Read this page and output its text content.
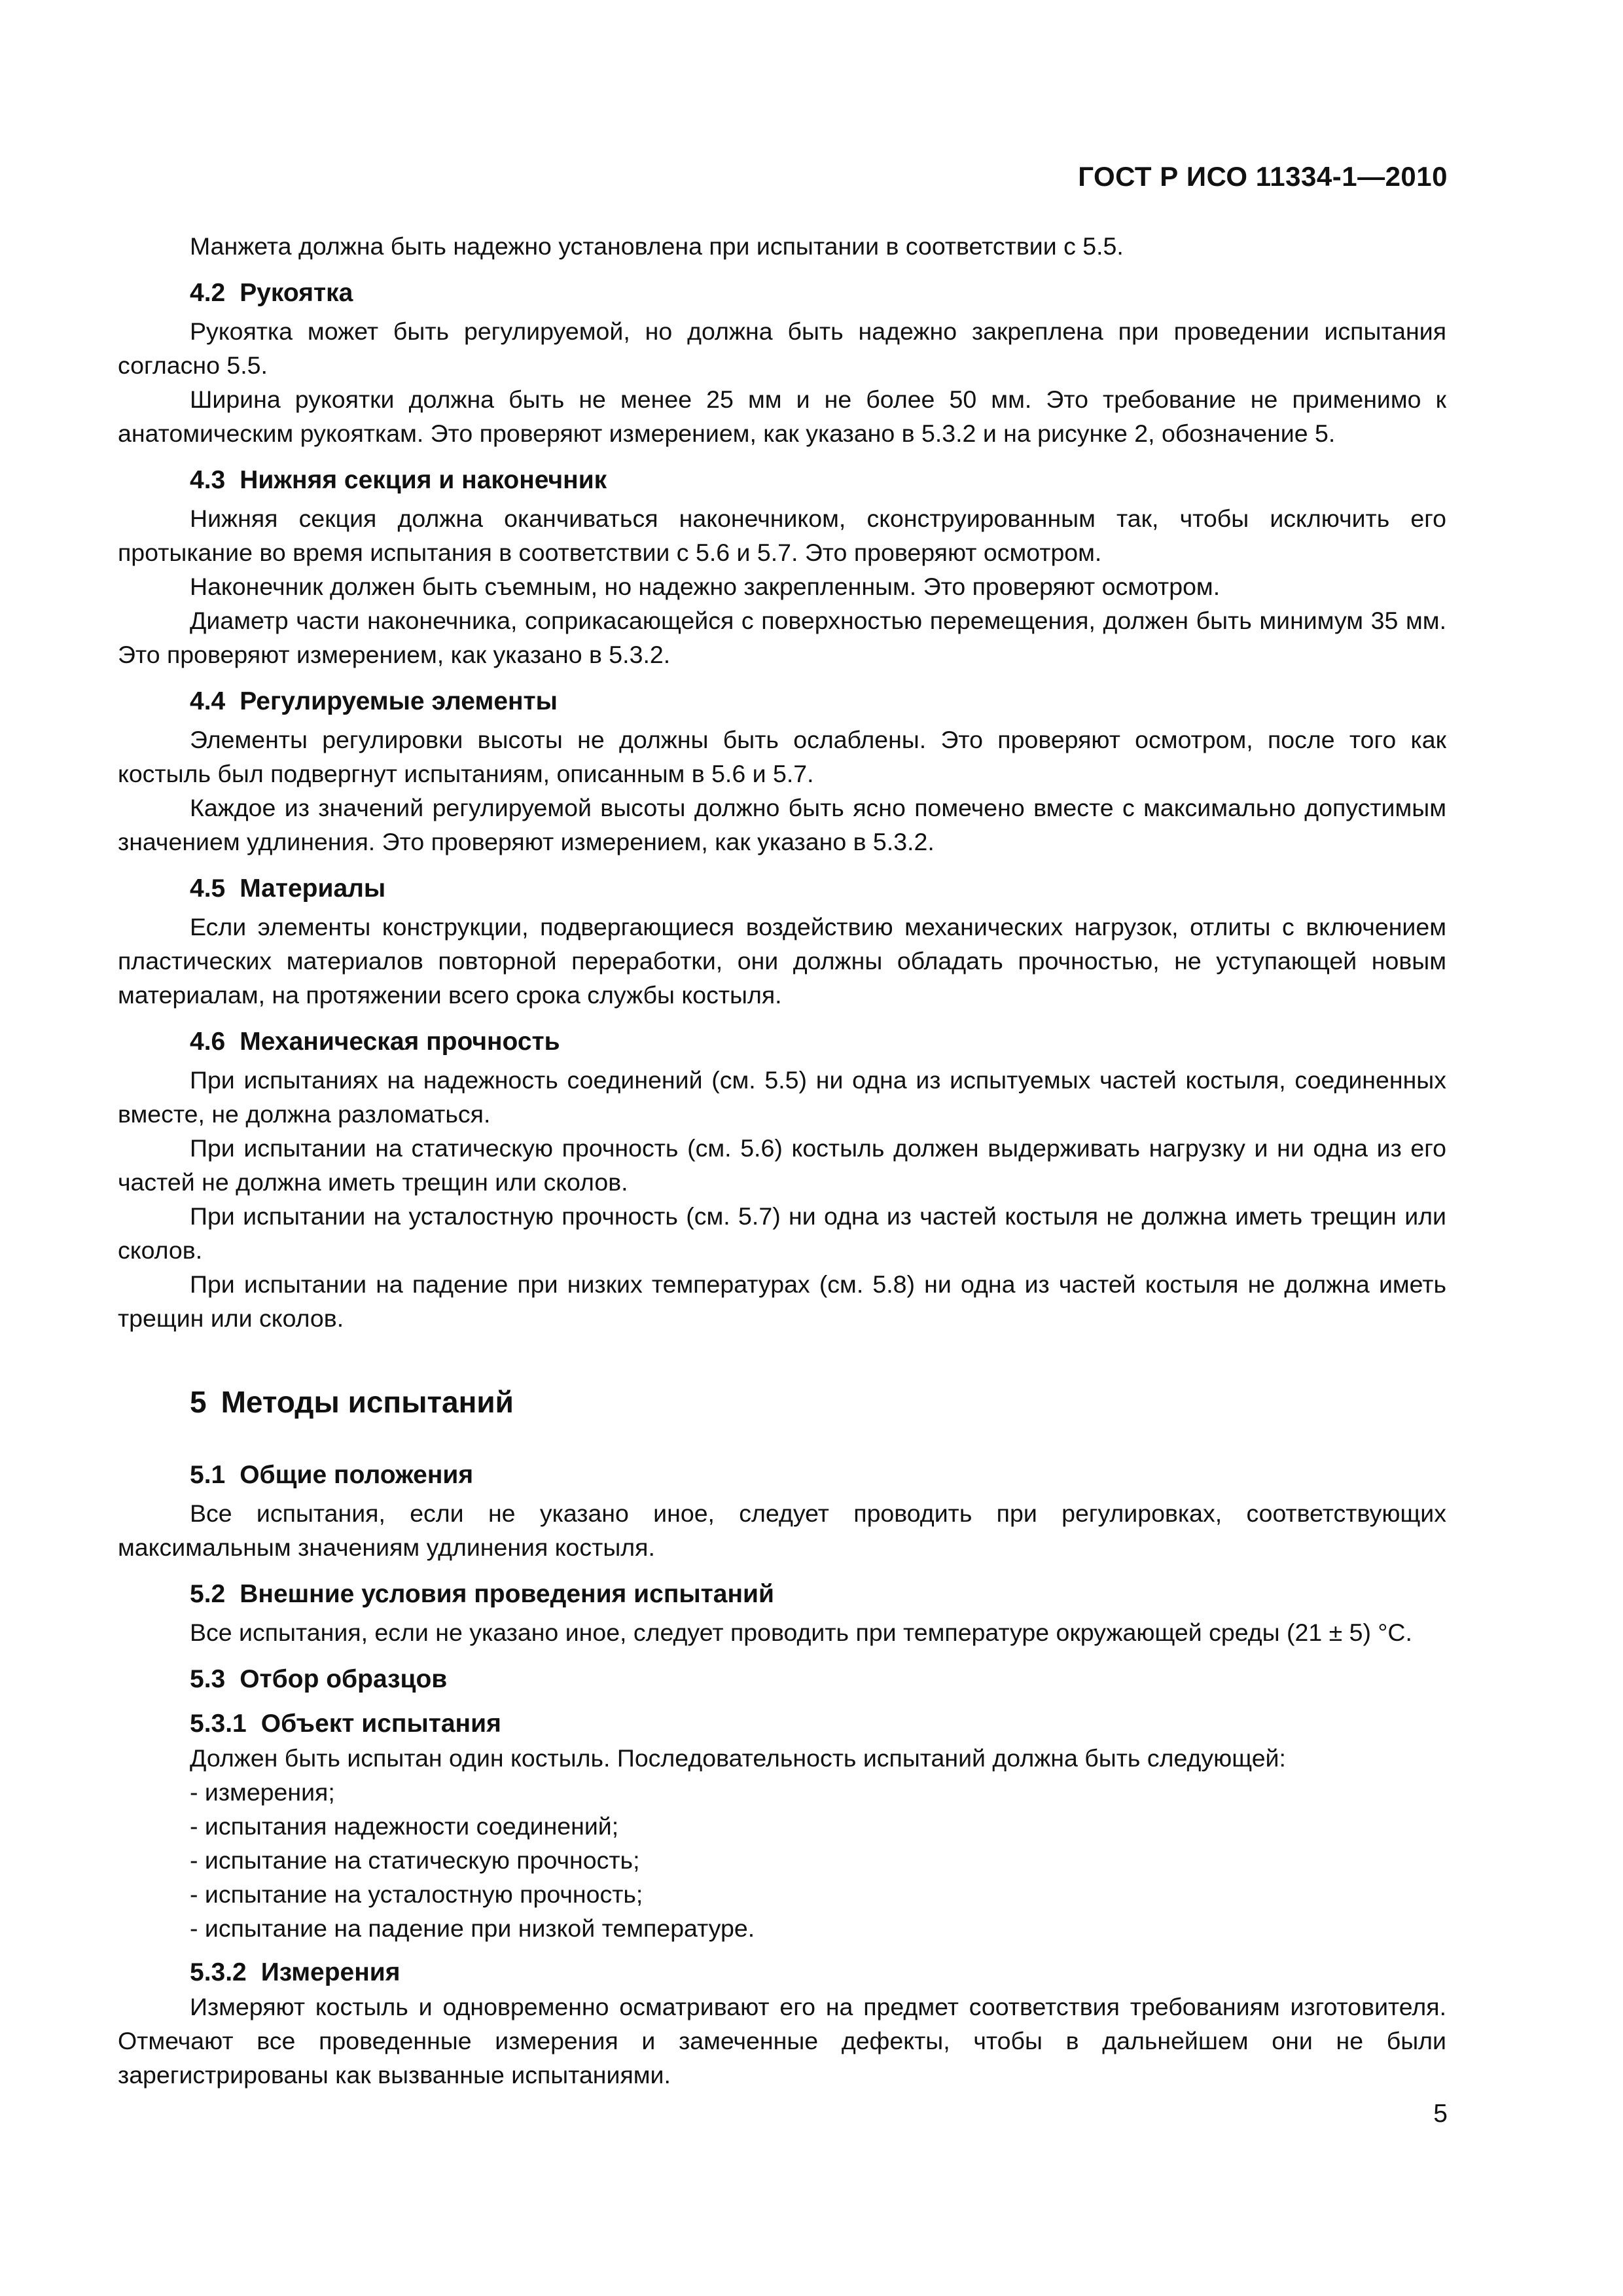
ГОСТ Р ИСО 11334-1—2010

Манжета должна быть надежно установлена при испытании в соответствии с 5.5.

4.2 Рукоятка

Рукоятка может быть регулируемой, но должна быть надежно закреплена при проведении испытания согласно 5.5.

Ширина рукоятки должна быть не менее 25 мм и не более 50 мм. Это требование не применимо к анатомическим рукояткам. Это проверяют измерением, как указано в 5.3.2 и на рисунке 2, обозначение 5.

4.3 Нижняя секция и наконечник

Нижняя секция должна оканчиваться наконечником, сконструированным так, чтобы исключить его протыкание во время испытания в соответствии с 5.6 и 5.7. Это проверяют осмотром.

Наконечник должен быть съемным, но надежно закрепленным. Это проверяют осмотром.

Диаметр части наконечника, соприкасающейся с поверхностью перемещения, должен быть минимум 35 мм. Это проверяют измерением, как указано в 5.3.2.

4.4 Регулируемые элементы

Элементы регулировки высоты не должны быть ослаблены. Это проверяют осмотром, после того как костыль был подвергнут испытаниям, описанным в 5.6 и 5.7.

Каждое из значений регулируемой высоты должно быть ясно помечено вместе с максимально допустимым значением удлинения. Это проверяют измерением, как указано в 5.3.2.

4.5 Материалы

Если элементы конструкции, подвергающиеся воздействию механических нагрузок, отлиты с включением пластических материалов повторной переработки, они должны обладать прочностью, не уступающей новым материалам, на протяжении всего срока службы костыля.

4.6 Механическая прочность

При испытаниях на надежность соединений (см. 5.5) ни одна из испытуемых частей костыля, соединенных вместе, не должна разломаться.

При испытании на статическую прочность (см. 5.6) костыль должен выдерживать нагрузку и ни одна из его частей не должна иметь трещин или сколов.

При испытании на усталостную прочность (см. 5.7) ни одна из частей костыля не должна иметь трещин или сколов.

При испытании на падение при низких температурах (см. 5.8) ни одна из частей костыля не должна иметь трещин или сколов.

5 Методы испытаний
5.1 Общие положения

Все испытания, если не указано иное, следует проводить при регулировках, соответствующих максимальным значениям удлинения костыля.

5.2 Внешние условия проведения испытаний

Все испытания, если не указано иное, следует проводить при температуре окружающей среды (21 ± 5) °C.

5.3 Отбор образцов
5.3.1 Объект испытания

Должен быть испытан один костыль. Последовательность испытаний должна быть следующей:

- измерения;
- испытания надежности соединений;
- испытание на статическую прочность;
- испытание на усталостную прочность;
- испытание на падение при низкой температуре.
5.3.2 Измерения

Измеряют костыль и одновременно осматривают его на предмет соответствия требованиям изготовителя. Отмечают все проведенные измерения и замеченные дефекты, чтобы в дальнейшем они не были зарегистрированы как вызванные испытаниями.

5
